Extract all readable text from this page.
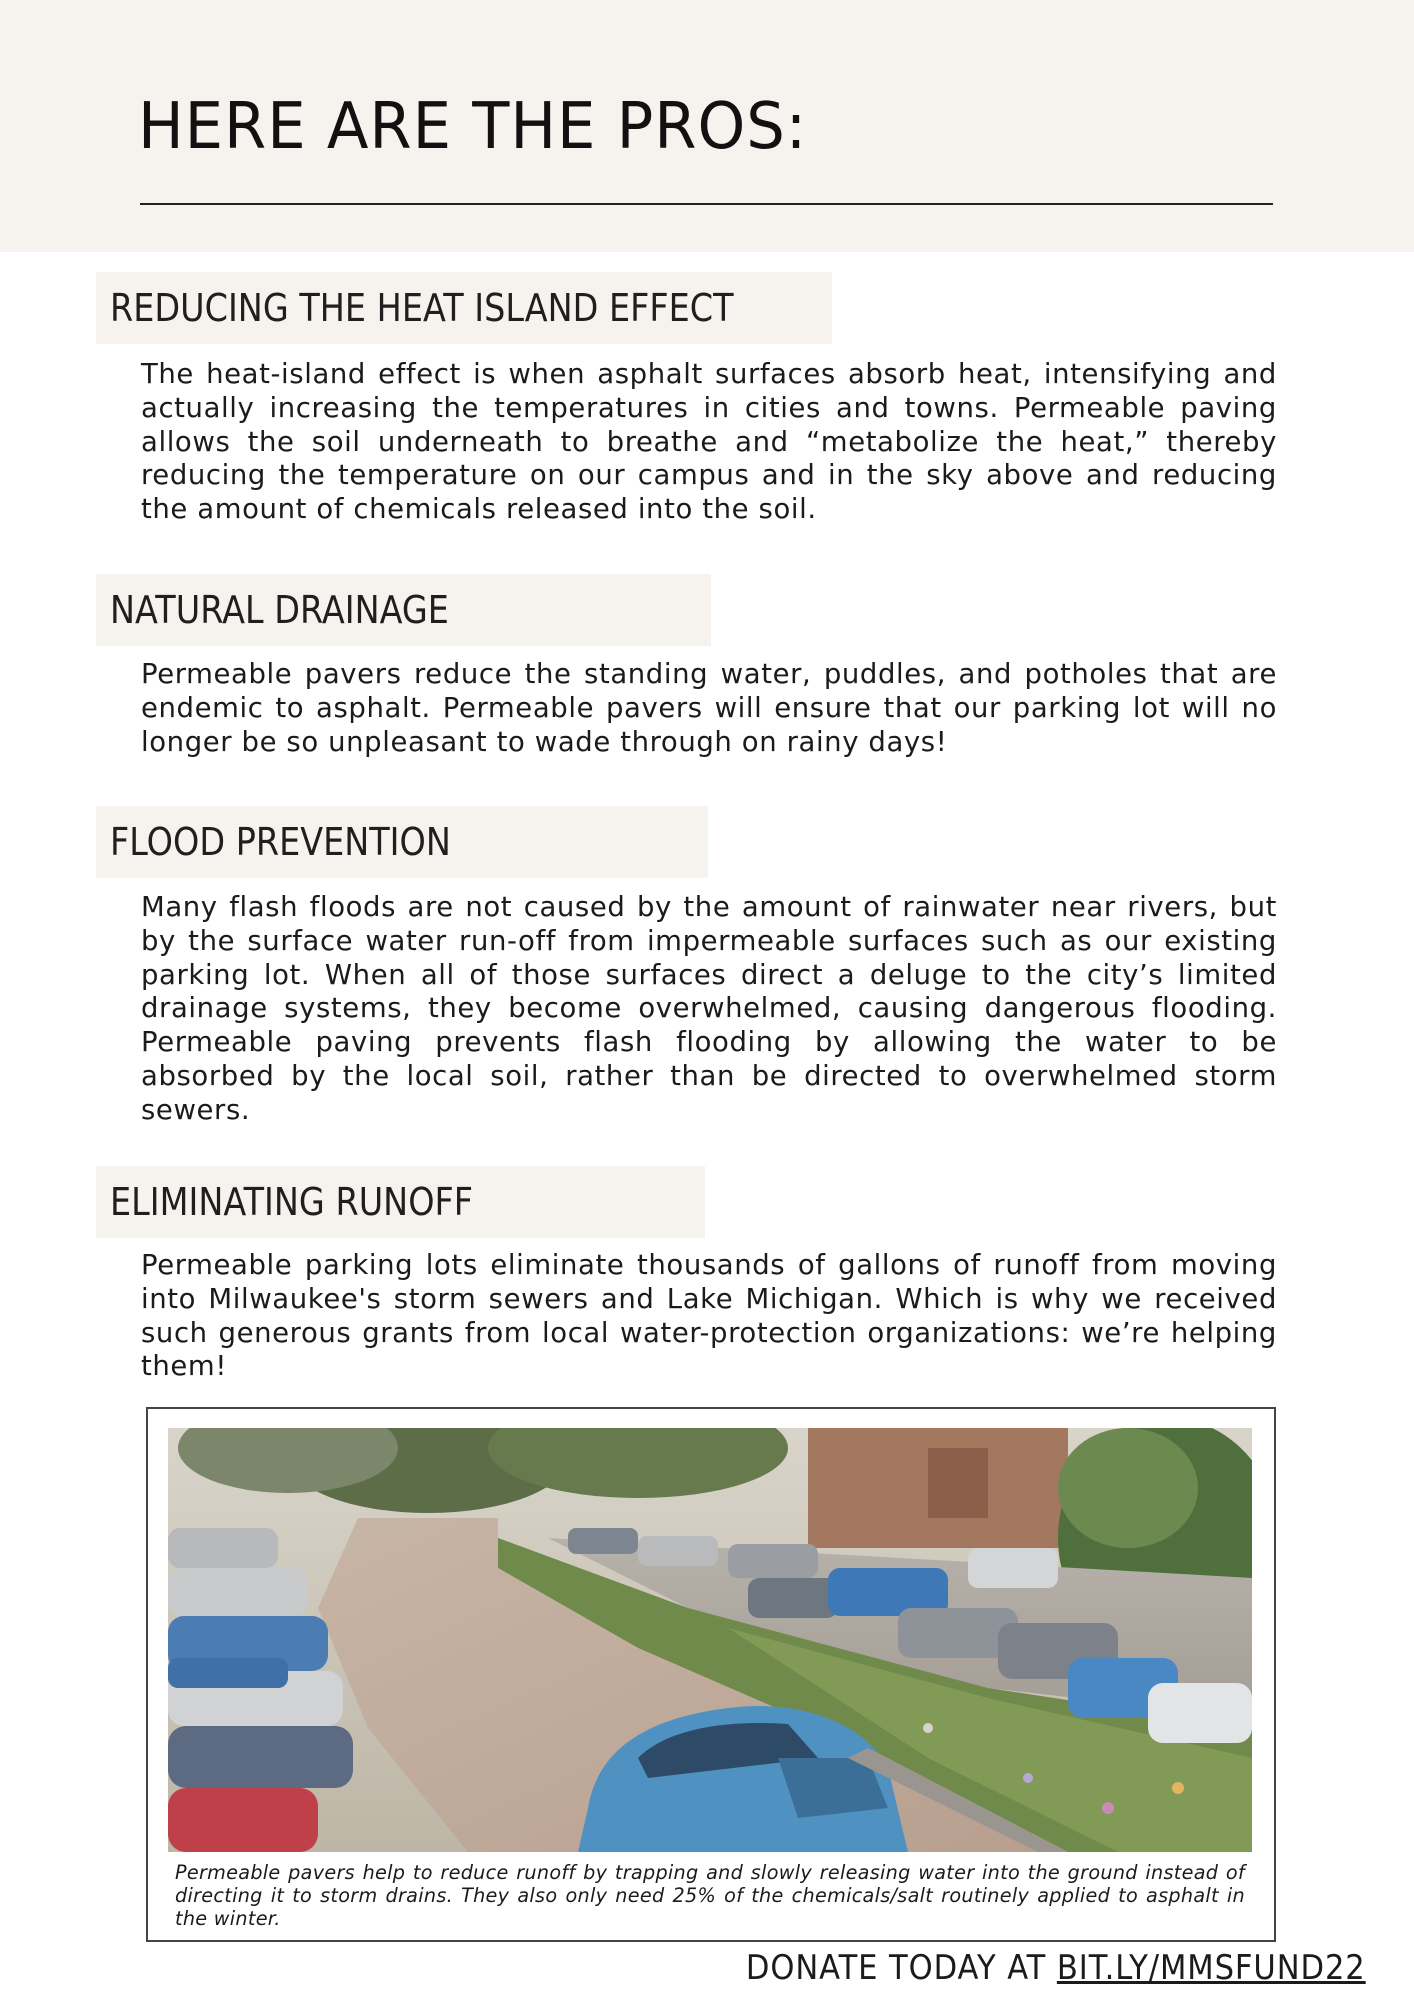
HERE ARE THE PROS:
REDUCING THE HEAT ISLAND EFFECT

The heat-island effect is when asphalt surfaces absorb heat, intensifying and actually increasing the temperatures in cities and towns. Permeable paving allows the soil underneath to breathe and “metabolize the heat,” thereby reducing the temperature on our campus and in the sky above and reducing the amount of chemicals released into the soil.

NATURAL DRAINAGE

Permeable pavers reduce the standing water, puddles, and potholes that are endemic to asphalt. Permeable pavers will ensure that our parking lot will no longer be so unpleasant to wade through on rainy days!

FLOOD PREVENTION

Many flash floods are not caused by the amount of rainwater near rivers, but by the surface water run-off from impermeable surfaces such as our existing parking lot. When all of those surfaces direct a deluge to the city’s limited drainage systems, they become overwhelmed, causing dangerous flooding. Permeable paving prevents flash flooding by allowing the water to be absorbed by the local soil, rather than be directed to overwhelmed storm sewers.

ELIMINATING RUNOFF

Permeable parking lots eliminate thousands of gallons of runoff from moving into Milwaukee's storm sewers and Lake Michigan. Which is why we received such generous grants from local water-protection organizations: we’re helping them!

Permeable pavers help to reduce runoff by trapping and slowly releasing water into the ground instead of directing it to storm drains. They also only need 25% of the chemicals/salt routinely applied to asphalt in the winter.

DONATE TODAY AT BIT.LY/MMSFUND22
